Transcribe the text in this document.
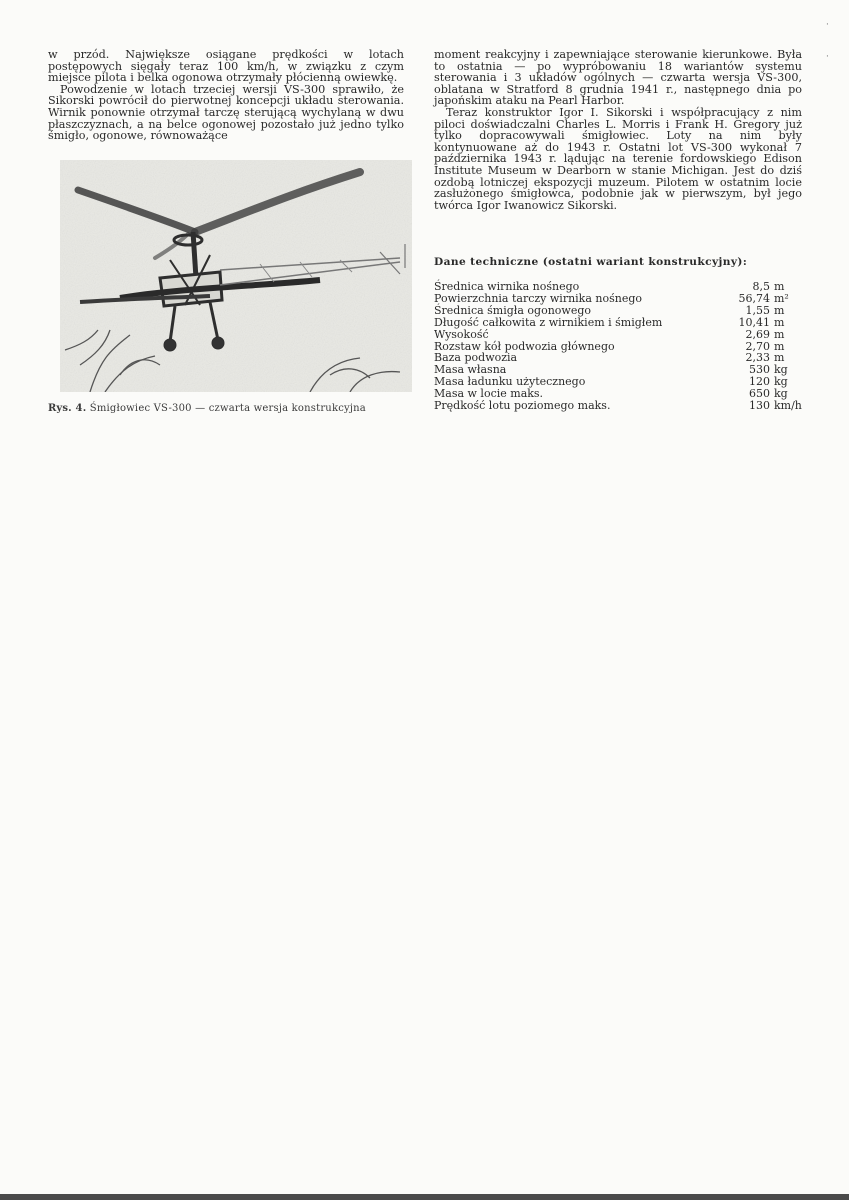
w przód. Największe osiągane prędkości w lotach postępowych sięgały teraz 100 km/h, w związku z czym miejsce pilota i belka ogonowa otrzymały płócienną owiewkę.

Powodzenie w lotach trzeciej wersji VS-300 sprawiło, że Sikorski powrócił do pierwotnej koncepcji układu sterowania. Wirnik ponownie otrzymał tarczę sterującą wychylaną w dwu płaszczyznach, a na belce ogonowej pozostało już jedno tylko śmigło, ogonowe, równoważące

Rys. 4. Śmigłowiec VS-300 — czwarta wersja konstrukcyjna

moment reakcyjny i zapewniające sterowanie kierunkowe. Była to ostatnia — po wypróbowaniu 18 wariantów systemu sterowania i 3 układów ogólnych — czwarta wersja VS-300, oblatana w Stratford 8 grudnia 1941 r., następnego dnia po japońskim ataku na Pearl Harbor.

Teraz konstruktor Igor I. Sikorski i współpracujący z nim piloci doświadczalni Charles L. Morris i Frank H. Gregory już tylko dopracowywali śmigłowiec. Loty na nim były kontynuowane aż do 1943 r. Ostatni lot VS-300 wykonał 7 października 1943 r. lądując na terenie fordowskiego Edison Institute Museum w Dearborn w stanie Michigan. Jest do dziś ozdobą lotniczej ekspozycji muzeum. Pilotem w ostatnim locie zasłużonego śmigłowca, podobnie jak w pierwszym, był jego twórca Igor Iwanowicz Sikorski.

Dane techniczne (ostatni wariant konstrukcyjny):
Średnica wirnika nośnego	8,5	m
Powierzchnia tarczy wirnika nośnego	56,74	m²
Średnica śmigła ogonowego	1,55	m
Długość całkowita z wirnikiem i śmigłem	10,41	m
Wysokość	2,69	m
Rozstaw kół podwozia głównego	2,70	m
Baza podwozia	2,33	m
Masa własna	530	kg
Masa ładunku użytecznego	120	kg
Masa w locie maks.	650	kg
Prędkość lotu poziomego maks.	130	km/h
·
·
